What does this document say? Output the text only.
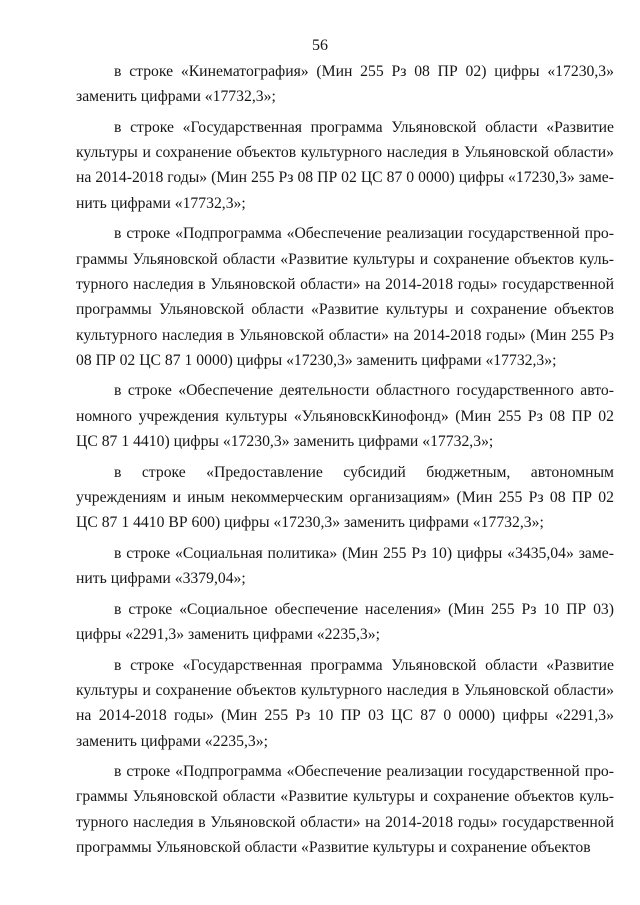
56

в строке «Кинематография» (Мин 255 Рз 08 ПР 02) цифры «17230,3» заменить цифрами «17732,3»;

в строке «Государственная программа Ульяновской области «Развитие культуры и сохранение объектов культурного наследия в Ульяновской области» на 2014-2018 годы» (Мин 255 Рз 08 ПР 02 ЦС 87 0 0000) цифры «17230,3» заменить цифрами «17732,3»;

в строке «Подпрограмма «Обеспечение реализации государственной программы Ульяновской области «Развитие культуры и сохранение объектов культурного наследия в Ульяновской области» на 2014-2018 годы» государственной программы Ульяновской области «Развитие культуры и сохранение объектов культурного наследия в Ульяновской области» на 2014-2018 годы» (Мин 255 Рз 08 ПР 02 ЦС 87 1 0000) цифры «17230,3» заменить цифрами «17732,3»;

в строке «Обеспечение деятельности областного государственного автономного учреждения культуры «УльяновскКинофонд» (Мин 255 Рз 08 ПР 02 ЦС 87 1 4410) цифры «17230,3» заменить цифрами «17732,3»;

в строке «Предоставление субсидий бюджетным, автономным учреждениям и иным некоммерческим организациям» (Мин 255 Рз 08 ПР 02 ЦС 87 1 4410 ВР 600) цифры «17230,3» заменить цифрами «17732,3»;

в строке «Социальная политика» (Мин 255 Рз 10) цифры «3435,04» заменить цифрами «3379,04»;

в строке «Социальное обеспечение населения» (Мин 255 Рз 10 ПР 03) цифры «2291,3» заменить цифрами «2235,3»;

в строке «Государственная программа Ульяновской области «Развитие культуры и сохранение объектов культурного наследия в Ульяновской области» на 2014-2018 годы» (Мин 255 Рз 10 ПР 03 ЦС 87 0 0000) цифры «2291,3» заменить цифрами «2235,3»;

в строке «Подпрограмма «Обеспечение реализации государственной программы Ульяновской области «Развитие культуры и сохранение объектов культурного наследия в Ульяновской области» на 2014-2018 годы» государственной программы Ульяновской области «Развитие культуры и сохранение объектов
